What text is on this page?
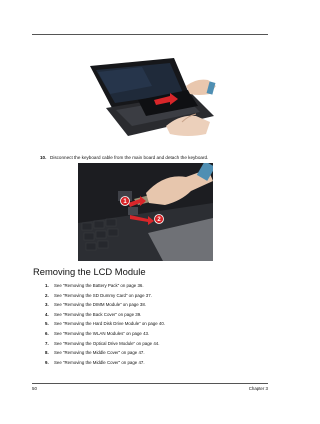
10. Disconnect the keyboard cable from the main board and detach the keyboard.

1
2
Removing the LCD Module
1. See “Removing the Battery Pack” on page 36.
2. See “Removing the SD Dummy Card” on page 37.
3. See “Removing the DIMM Module” on page 38.
4. See “Removing the Back Cover” on page 39.
5. See “Removing the Hard Disk Drive Module” on page 40.
6. See “Removing the WLAN Modules” on page 43.
7. See “Removing the Optical Drive Module” on page 44.
8. See “Removing the Middle Cover” on page 47.
9. See “Removing the Middle Cover” on page 47.
50	Chapter 3
